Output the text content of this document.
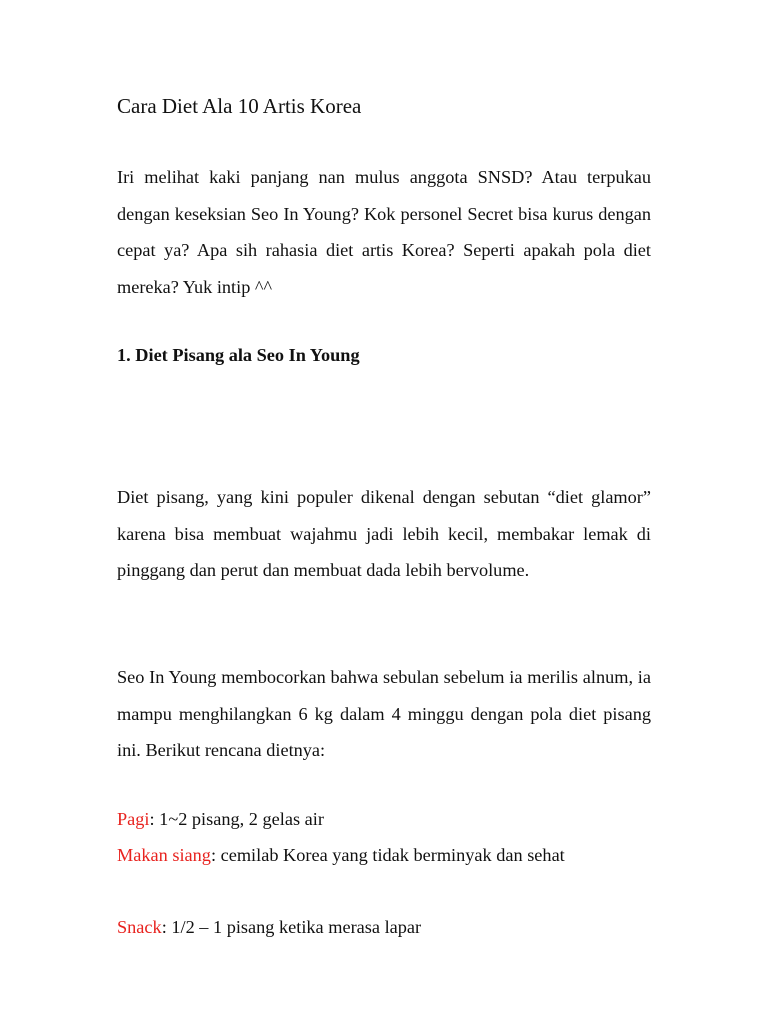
Cara Diet Ala 10 Artis Korea

Iri melihat kaki panjang nan mulus anggota SNSD? Atau terpukau dengan keseksian Seo In Young? Kok personel Secret bisa kurus dengan cepat ya? Apa sih rahasia diet artis Korea? Seperti apakah pola diet mereka? Yuk intip ^^

1. Diet Pisang ala Seo In Young

Diet pisang, yang kini populer dikenal dengan sebutan “diet glamor” karena bisa membuat wajahmu jadi lebih kecil, membakar lemak di pinggang dan perut dan membuat dada lebih bervolume.

Seo In Young membocorkan bahwa sebulan sebelum ia merilis alnum, ia mampu menghilangkan 6 kg dalam 4 minggu dengan pola diet pisang ini. Berikut rencana dietnya:

Pagi: 1~2 pisang, 2 gelas air

Makan siang: cemilab Korea yang tidak berminyak dan sehat

Snack: 1/2 – 1 pisang ketika merasa lapar
